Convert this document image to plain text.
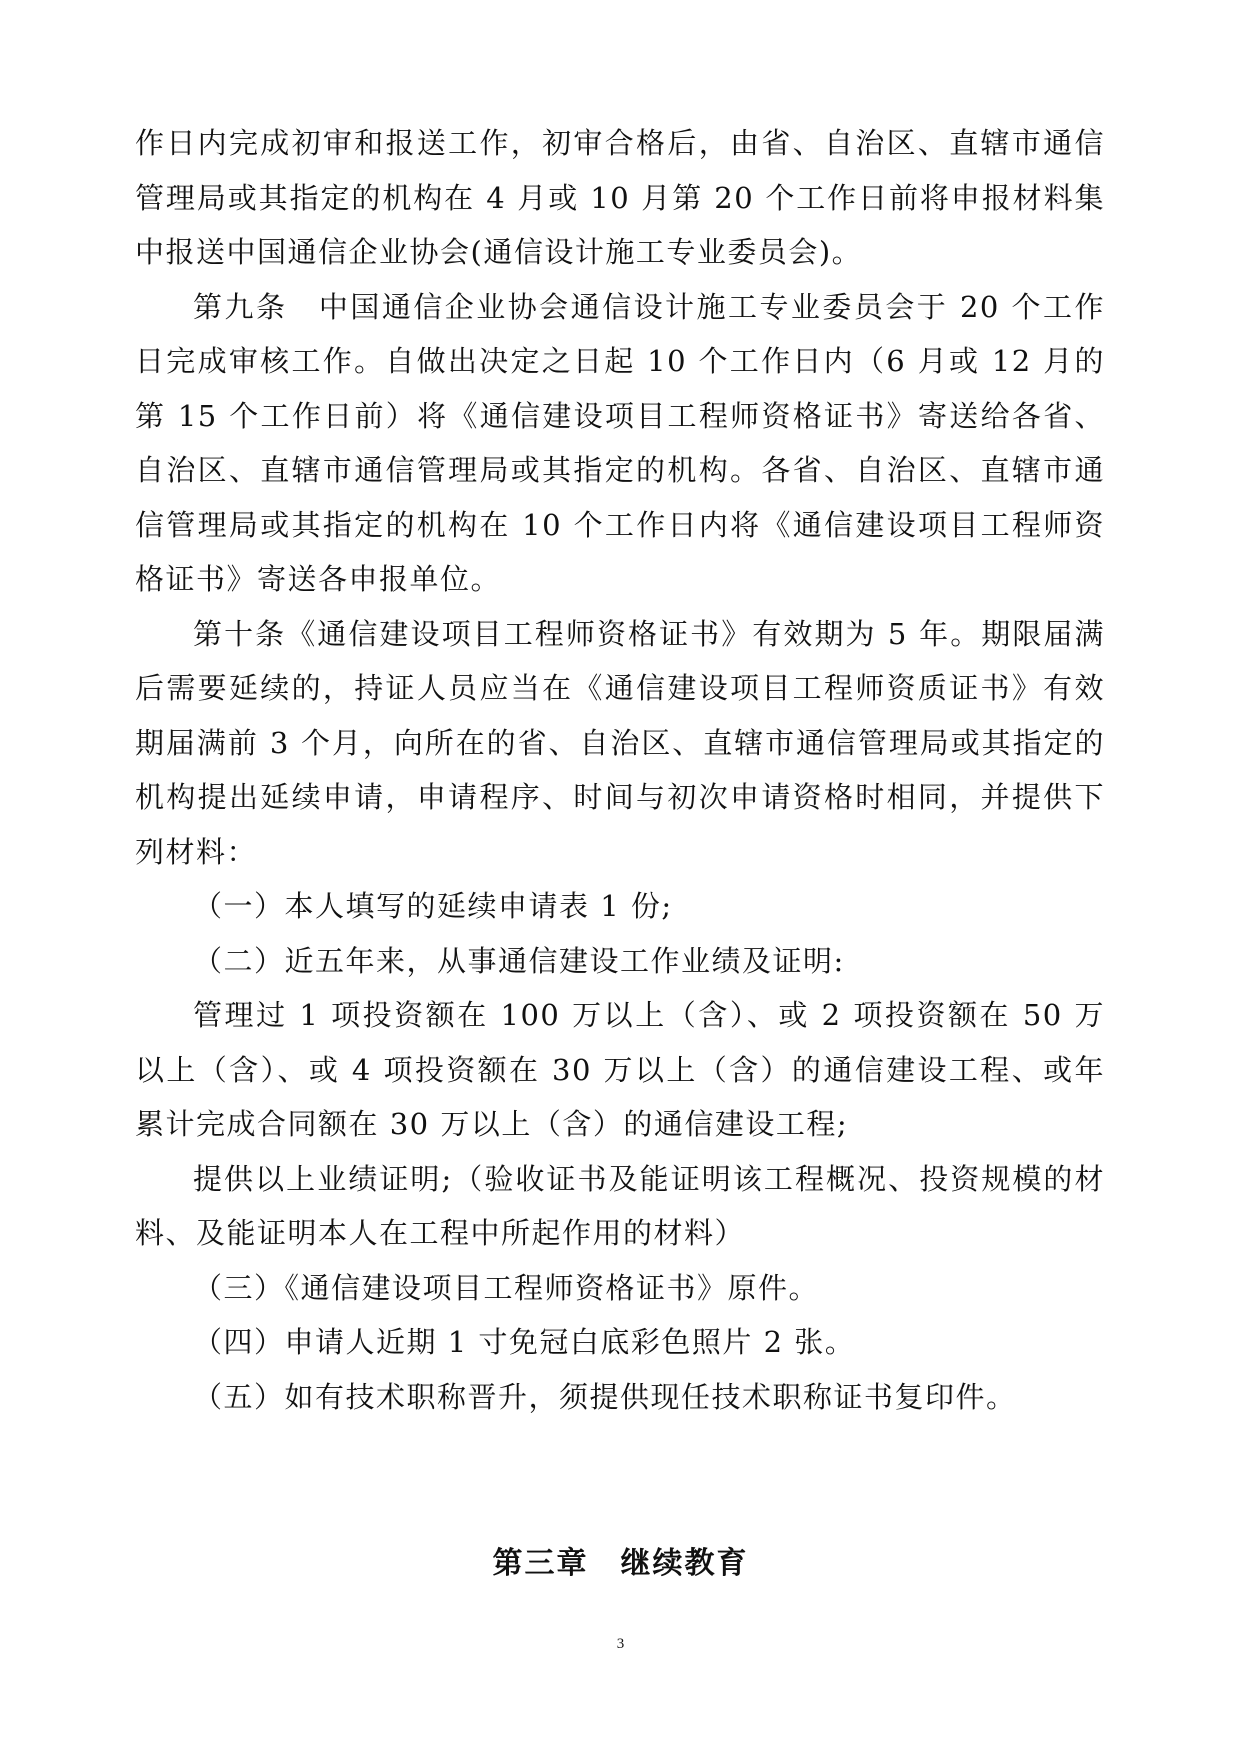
作日内完成初审和报送工作，初审合格后，由省、自治区、直辖市通信管理局或其指定的机构在 4 月或 10 月第 20 个工作日前将申报材料集中报送中国通信企业协会(通信设计施工专业委员会)。

第九条　中国通信企业协会通信设计施工专业委员会于 20 个工作日完成审核工作。自做出决定之日起 10 个工作日内（6 月或 12 月的第 15 个工作日前）将《通信建设项目工程师资格证书》寄送给各省、自治区、直辖市通信管理局或其指定的机构。各省、自治区、直辖市通信管理局或其指定的机构在 10 个工作日内将《通信建设项目工程师资格证书》寄送各申报单位。

第十条《通信建设项目工程师资格证书》有效期为 5 年。期限届满后需要延续的，持证人员应当在《通信建设项目工程师资质证书》有效期届满前 3 个月，向所在的省、自治区、直辖市通信管理局或其指定的机构提出延续申请，申请程序、时间与初次申请资格时相同，并提供下列材料：

（一）本人填写的延续申请表 1 份;

（二）近五年来，从事通信建设工作业绩及证明:

管理过 1 项投资额在 100 万以上（含）、或 2 项投资额在 50 万以上（含）、或 4 项投资额在 30 万以上（含）的通信建设工程、或年累计完成合同额在 30 万以上（含）的通信建设工程;

提供以上业绩证明;（验收证书及能证明该工程概况、投资规模的材料、及能证明本人在工程中所起作用的材料）

（三）《通信建设项目工程师资格证书》原件。

（四）申请人近期 1 寸免冠白底彩色照片 2 张。

（五）如有技术职称晋升，须提供现任技术职称证书复印件。

第三章　继续教育
3
